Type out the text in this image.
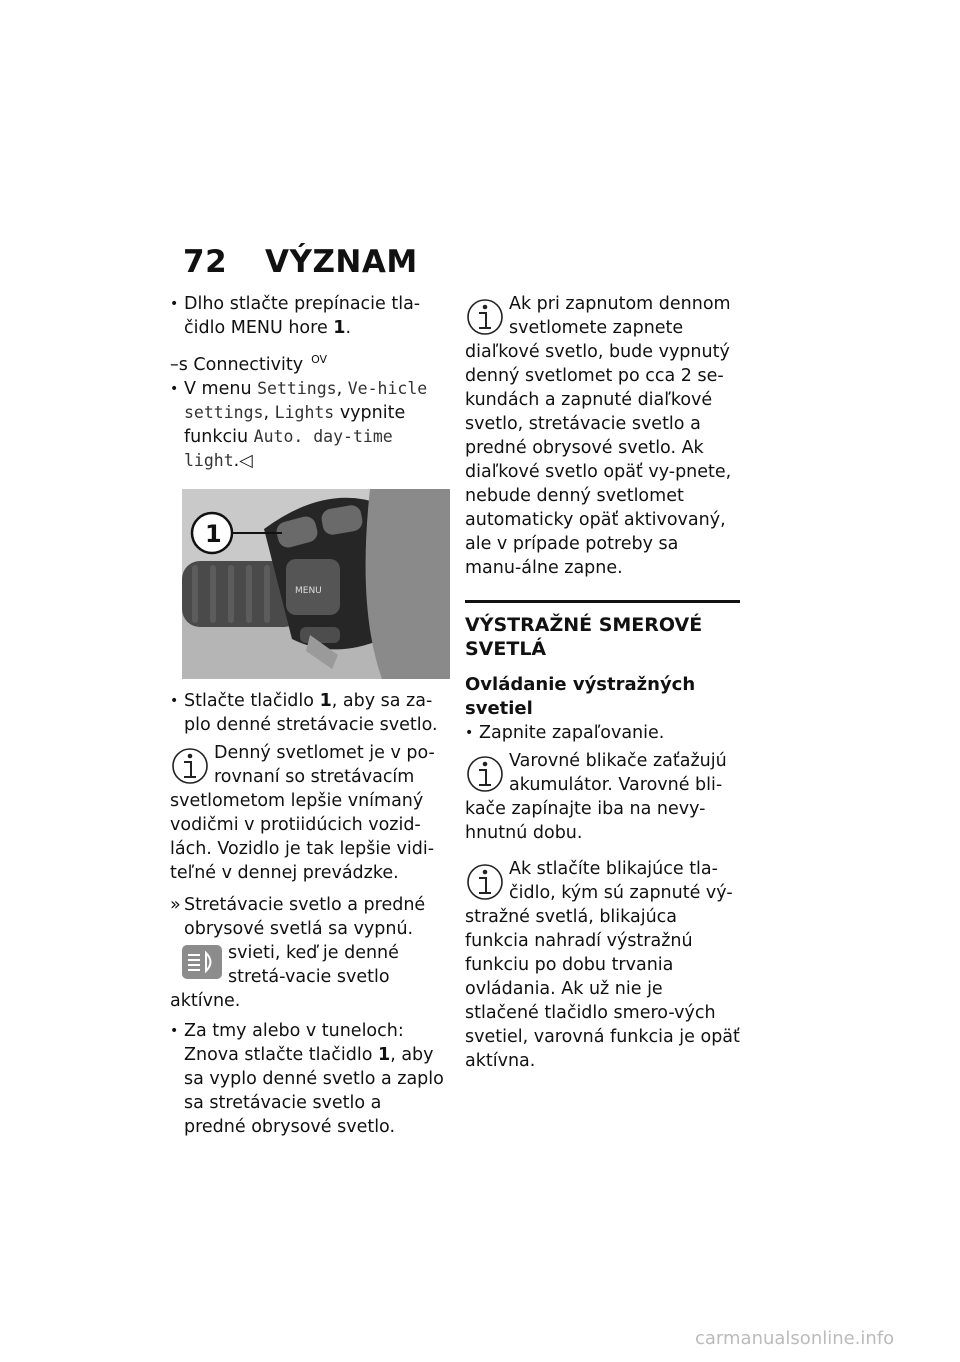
72 VÝZNAM

• Dlho stlačte prepínacie tla-čidlo MENU hore 1.

–s Connectivity $^{OV}$

• V menu Settings, Ve-hicle settings, Lights vypnite funkciu Auto. day-time light.◁

MENU
1

• Stlačte tlačidlo 1, aby sa za-plo denné stretávacie svetlo.

Denný svetlomet je v po-rovnaní so stretávacím svetlometom lepšie vnímaný vodičmi v protiidúcich vozid-lách. Vozidlo je tak lepšie vidi-teľné v dennej prevádzke.
» Stretávacie svetlo a predné obrysové svetlá sa vypnú.
svieti, keď je denné stretá-vacie svetlo aktívne.

• Za tmy alebo v tuneloch: Znova stlačte tlačidlo 1, aby sa vyplo denné svetlo a zaplo sa stretávacie svetlo a predné obrysové svetlo.

Ak pri zapnutom dennom svetlomete zapnete diaľkové svetlo, bude vypnutý denný svetlomet po cca 2 se-kundách a zapnuté diaľkové svetlo, stretávacie svetlo a predné obrysové svetlo. Ak diaľkové svetlo opäť vy-pnete, nebude denný svetlomet automaticky opäť aktivovaný, ale v prípade potreby sa manu-álne zapne.
VÝSTRAŽNÉ SMEROVÉ SVETLÁ
Ovládanie výstražných svetiel

• Zapnite zapaľovanie.

Varovné blikače zaťažujú akumulátor. Varovné bli-kače zapínajte iba na nevy-hnutnú dobu.
Ak stlačíte blikajúce tla-čidlo, kým sú zapnuté vý-stražné svetlá, blikajúca funkcia nahradí výstražnú funkciu po dobu trvania ovládania. Ak už nie je stlačené tlačidlo smero-vých svetiel, varovná funkcia je opäť aktívna.
carmanualsonline.info
